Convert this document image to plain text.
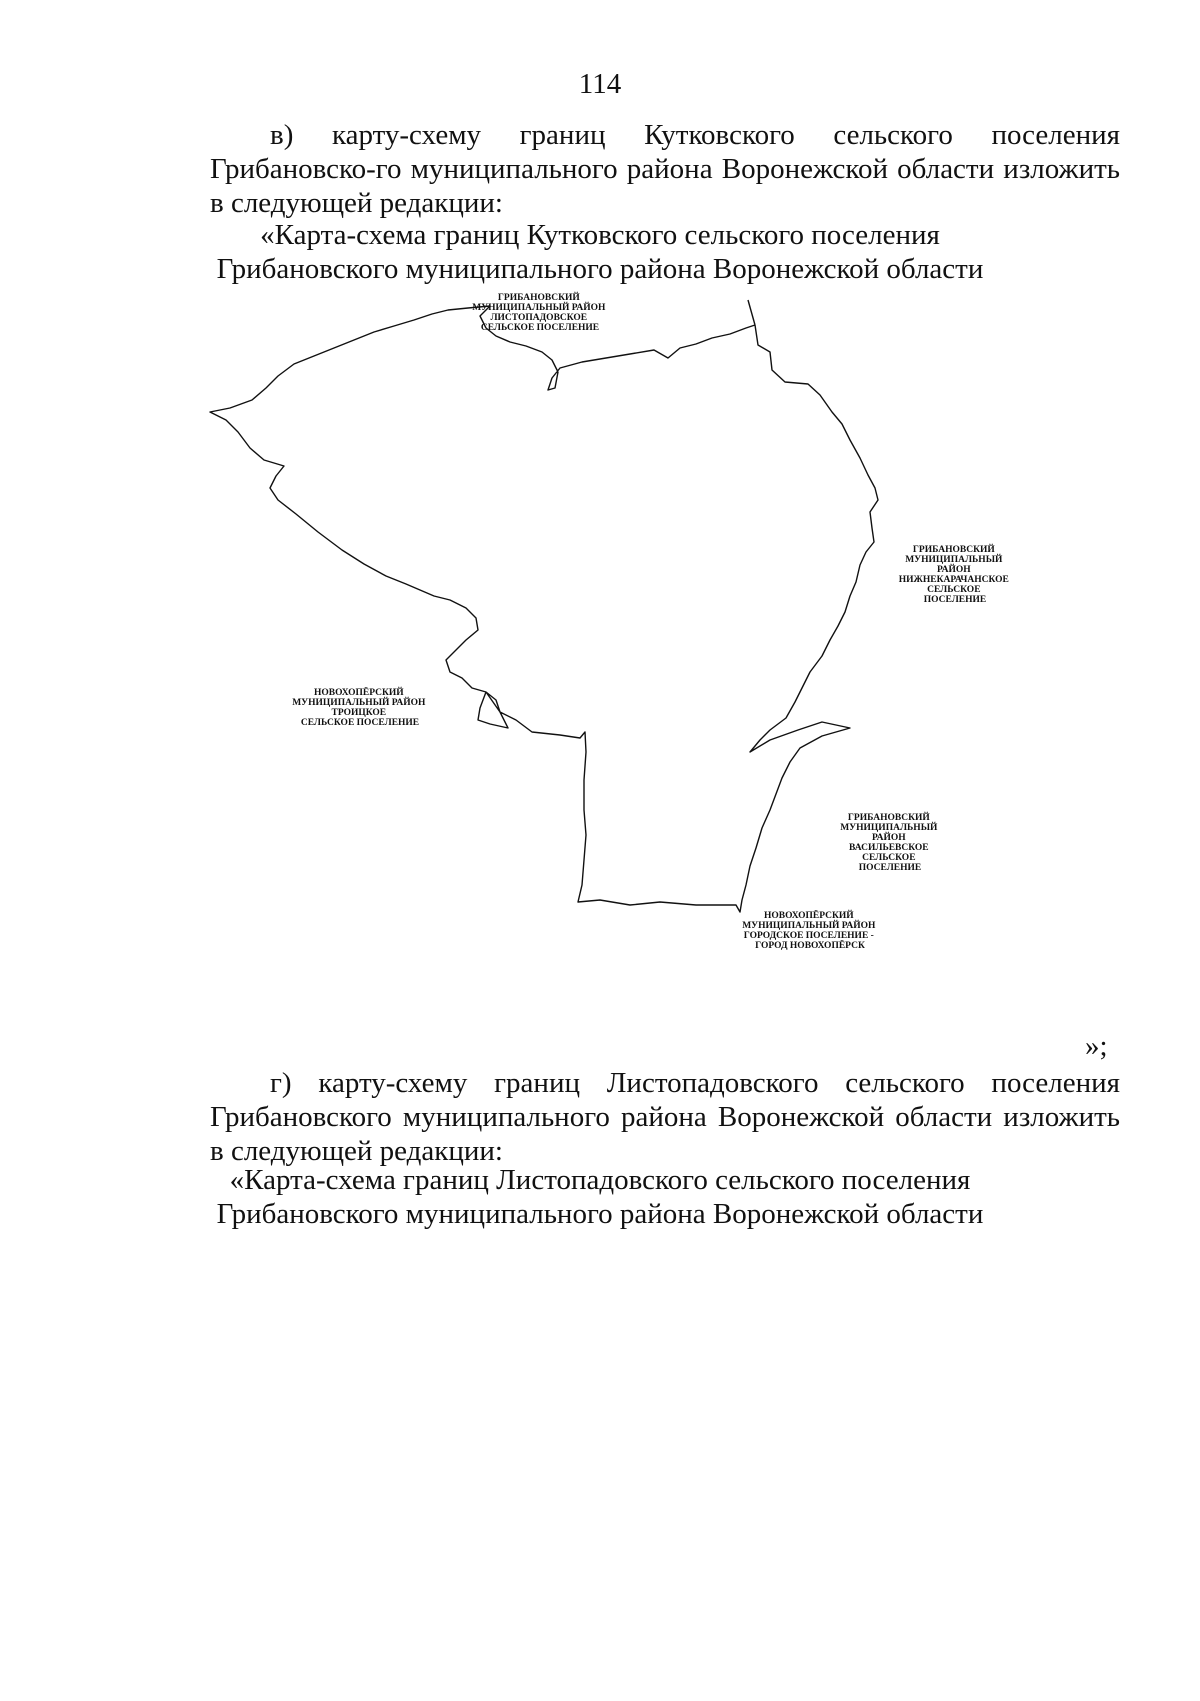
114
в) карту-схему границ Кутковского сельского поселения Грибановско-го муниципального района Воронежской области изложить в следующей редакции:
«Карта-схема границ Кутковского сельского поселения
Грибановского муниципального района Воронежской области
ГРИБАНОВСКИЙ МУНИЦИПАЛЬНЫЙ РАЙОН ЛИСТОПАДОВСКОЕ СЕЛЬСКОЕ ПОСЕЛЕНИЕ
ГРИБАНОВСКИЙ МУНИЦИПАЛЬНЫЙ РАЙОН НИЖНЕКАРАЧАНСКОЕ СЕЛЬСКОЕ ПОСЕЛЕНИЕ
НОВОХОПЁРСКИЙ МУНИЦИПАЛЬНЫЙ РАЙОН ТРОИЦКОЕ СЕЛЬСКОЕ ПОСЕЛЕНИЕ
ГРИБАНОВСКИЙ МУНИЦИПАЛЬНЫЙ РАЙОН ВАСИЛЬЕВСКОЕ СЕЛЬСКОЕ ПОСЕЛЕНИЕ
НОВОХОПЁРСКИЙ МУНИЦИПАЛЬНЫЙ РАЙОН ГОРОДСКОЕ ПОСЕЛЕНИЕ - ГОРОД НОВОХОПЁРСК
»;
г) карту-схему границ Листопадовского сельского поселения Грибановского муниципального района Воронежской области изложить в следующей редакции:
«Карта-схема границ Листопадовского сельского поселения
Грибановского муниципального района Воронежской области
